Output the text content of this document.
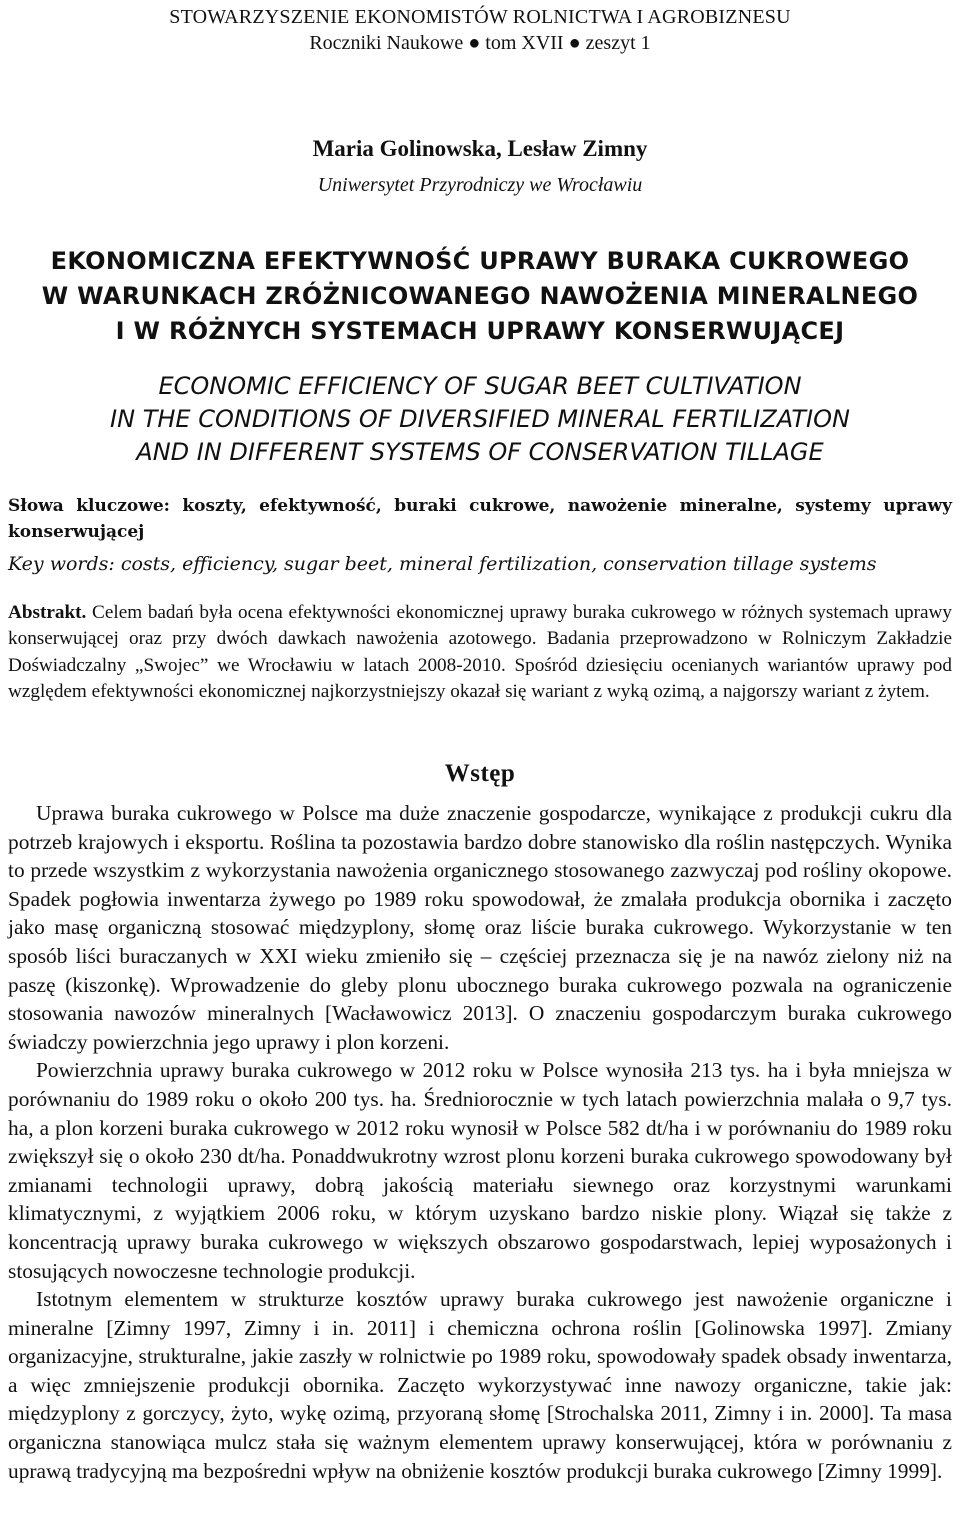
STOWARZYSZENIE EKONOMISTÓW ROLNICTWA I AGROBIZNESU
Roczniki Naukowe ● tom XVII ● zeszyt 1
Maria Golinowska, Lesław Zimny
Uniwersytet Przyrodniczy we Wrocławiu
EKONOMICZNA EFEKTYWNOŚĆ UPRAWY BURAKA CUKROWEGO
W WARUNKACH ZRÓŻNICOWANEGO NAWOŻENIA MINERALNEGO
I W RÓŻNYCH SYSTEMACH UPRAWY KONSERWUJĄCEJ
ECONOMIC EFFICIENCY OF SUGAR BEET CULTIVATION
IN THE CONDITIONS OF DIVERSIFIED MINERAL FERTILIZATION
AND IN DIFFERENT SYSTEMS OF CONSERVATION TILLAGE
Słowa kluczowe: koszty, efektywność, buraki cukrowe, nawożenie mineralne, systemy uprawy konserwującej
Key words: costs, efficiency, sugar beet, mineral fertilization, conservation tillage systems
Abstrakt. Celem badań była ocena efektywności ekonomicznej uprawy buraka cukrowego w różnych systemach uprawy konserwującej oraz przy dwóch dawkach nawożenia azotowego. Badania przeprowadzono w Rolniczym Zakładzie Doświadczalny „Swojec” we Wrocławiu w latach 2008-2010. Spośród dziesięciu ocenianych wariantów uprawy pod względem efektywności ekonomicznej najkorzystniejszy okazał się wariant z wyką ozimą, a najgorszy wariant z żytem.
Wstęp

Uprawa buraka cukrowego w Polsce ma duże znaczenie gospodarcze, wynikające z produkcji cukru dla potrzeb krajowych i eksportu. Roślina ta pozostawia bardzo dobre stanowisko dla roślin następczych. Wynika to przede wszystkim z wykorzystania nawożenia organicznego stosowanego zazwyczaj pod rośliny okopowe. Spadek pogłowia inwentarza żywego po 1989 roku spowodował, że zmalała produkcja obornika i zaczęto jako masę organiczną stosować międzyplony, słomę oraz liście buraka cukrowego. Wykorzystanie w ten sposób liści buraczanych w XXI wieku zmieniło się – częściej przeznacza się je na nawóz zielony niż na paszę (kiszonkę). Wprowadzenie do gleby plonu ubocznego buraka cukrowego pozwala na ograniczenie stosowania nawozów mineralnych [Wacławowicz 2013]. O znaczeniu gospodarczym buraka cukrowego świadczy powierzchnia jego uprawy i plon korzeni.

Powierzchnia uprawy buraka cukrowego w 2012 roku w Polsce wynosiła 213 tys. ha i była mniejsza w porównaniu do 1989 roku o około 200 tys. ha. Średniorocznie w tych latach powierzchnia malała o 9,7 tys. ha, a plon korzeni buraka cukrowego w 2012 roku wynosił w Polsce 582 dt/ha i w porównaniu do 1989 roku zwiększył się o około 230 dt/ha. Ponaddwukrotny wzrost plonu korzeni buraka cukrowego spowodowany był zmianami technologii uprawy, dobrą jakością materiału siewnego oraz korzystnymi warunkami klimatycznymi, z wyjątkiem 2006 roku, w którym uzyskano bardzo niskie plony. Wiązał się także z koncentracją uprawy buraka cukrowego w większych obszarowo gospodarstwach, lepiej wyposażonych i stosujących nowoczesne technologie produkcji.

Istotnym elementem w strukturze kosztów uprawy buraka cukrowego jest nawożenie organiczne i mineralne [Zimny 1997, Zimny i in. 2011] i chemiczna ochrona roślin [Golinowska 1997]. Zmiany organizacyjne, strukturalne, jakie zaszły w rolnictwie po 1989 roku, spowodowały spadek obsady inwentarza, a więc zmniejszenie produkcji obornika. Zaczęto wykorzystywać inne nawozy organiczne, takie jak: międzyplony z gorczycy, żyto, wykę ozimą, przyoraną słomę [Strochalska 2011, Zimny i in. 2000]. Ta masa organiczna stanowiąca mulcz stała się ważnym elementem uprawy konserwującej, która w porównaniu z uprawą tradycyjną ma bezpośredni wpływ na obniżenie kosztów produkcji buraka cukrowego [Zimny 1999].
